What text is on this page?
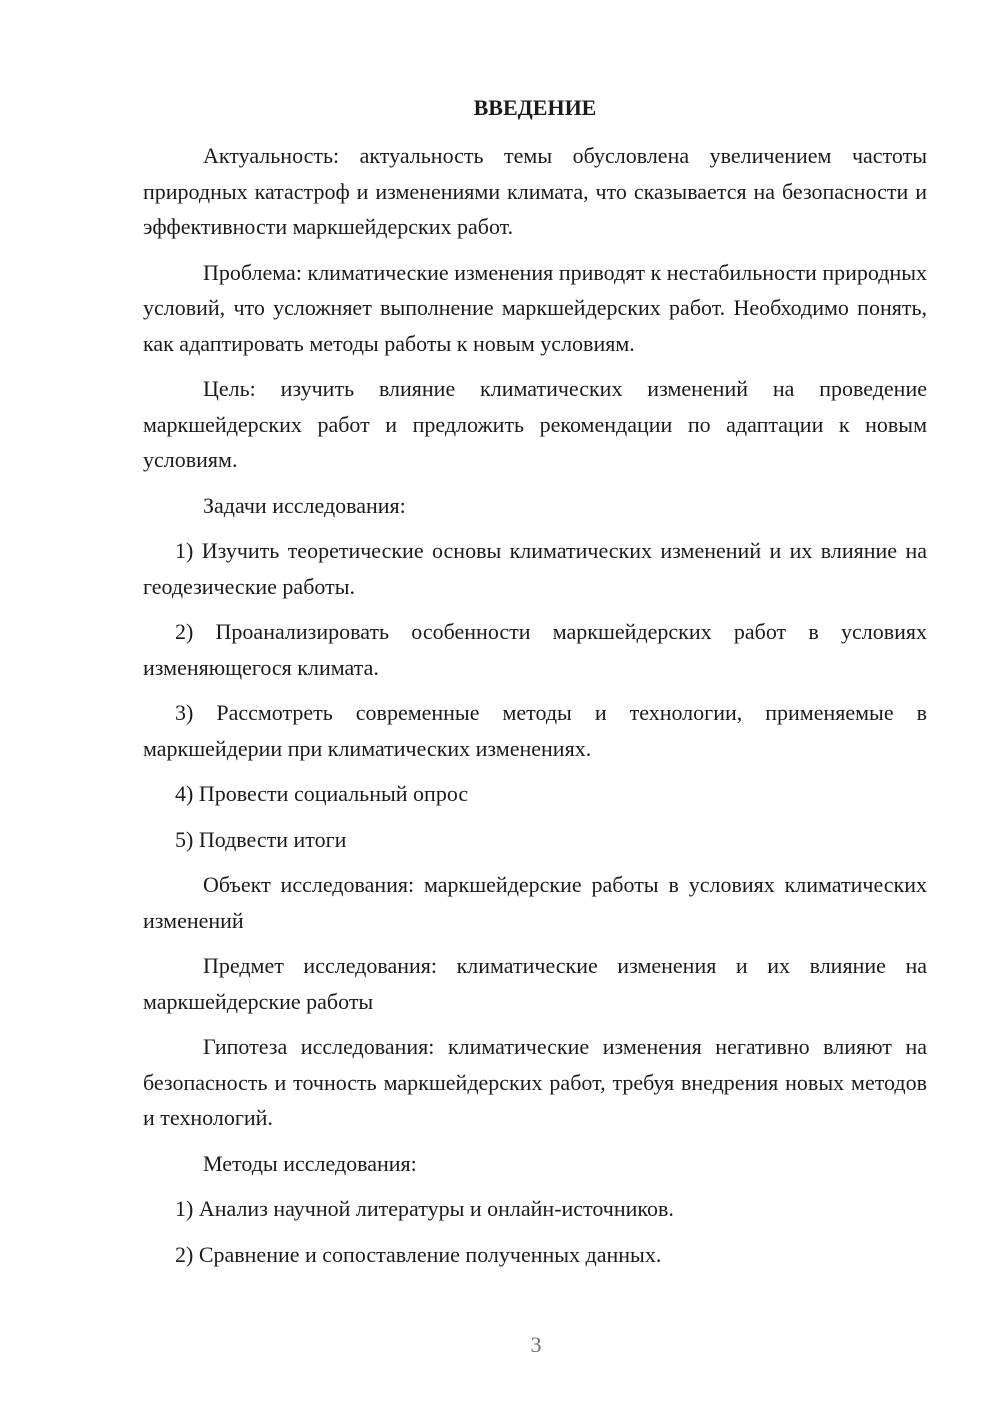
ВВЕДЕНИЕ

Актуальность: актуальность темы обусловлена увеличением частоты природных катастроф и изменениями климата, что сказывается на безопасности и эффективности маркшейдерских работ.

Проблема: климатические изменения приводят к нестабильности природных условий, что усложняет выполнение маркшейдерских работ. Необходимо понять, как адаптировать методы работы к новым условиям.

Цель: изучить влияние климатических изменений на проведение маркшейдерских работ и предложить рекомендации по адаптации к новым условиям.

Задачи исследования:

1) Изучить теоретические основы климатических изменений и их влияние на геодезические работы.

2) Проанализировать особенности маркшейдерских работ в условиях изменяющегося климата.

3) Рассмотреть современные методы и технологии, применяемые в маркшейдерии при климатических изменениях.

4) Провести социальный опрос

5) Подвести итоги

Объект исследования: маркшейдерские работы в условиях климатических изменений

Предмет исследования: климатические изменения и их влияние на маркшейдерские работы

Гипотеза исследования: климатические изменения негативно влияют на безопасность и точность маркшейдерских работ, требуя внедрения новых методов и технологий.

Методы исследования:

1) Анализ научной литературы и онлайн-источников.

2) Сравнение и сопоставление полученных данных.

3
